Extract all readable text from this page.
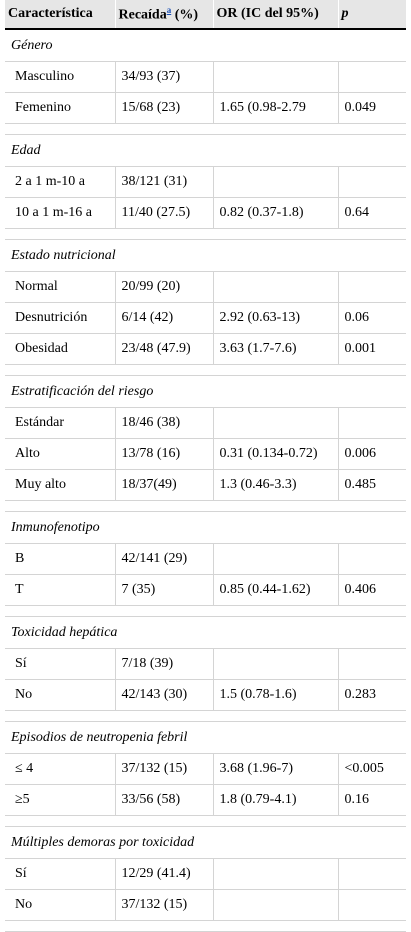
Característica	Recaída$^a$ (%)	OR (IC del 95%)	p
Género			
Masculino	34/93 (37)		
Femenino	15/68 (23)	1.65 (0.98-2.79	0.049

Edad			
2 a 1 m-10 a	38/121 (31)		
10 a 1 m-16 a	11/40 (27.5)	0.82 (0.37-1.8)	0.64

Estado nutricional			
Normal	20/99 (20)		
Desnutrición	6/14 (42)	2.92 (0.63-13)	0.06
Obesidad	23/48 (47.9)	3.63 (1.7-7.6)	0.001

Estratificación del riesgo			
Estándar	18/46 (38)		
Alto	13/78 (16)	0.31 (0.134-0.72)	0.006
Muy alto	18/37(49)	1.3 (0.46-3.3)	0.485

Inmunofenotipo			
B	42/141 (29)		
T	7 (35)	0.85 (0.44-1.62)	0.406

Toxicidad hepática			
Sí	7/18 (39)		
No	42/143 (30)	1.5 (0.78-1.6)	0.283

Episodios de neutropenia febril			
≤ 4	37/132 (15)	3.68 (1.96-7)	<0.005
≥5	33/56 (58)	1.8 (0.79-4.1)	0.16

Múltiples demoras por toxicidad			
Sí	12/29 (41.4)		
No	37/132 (15)		
